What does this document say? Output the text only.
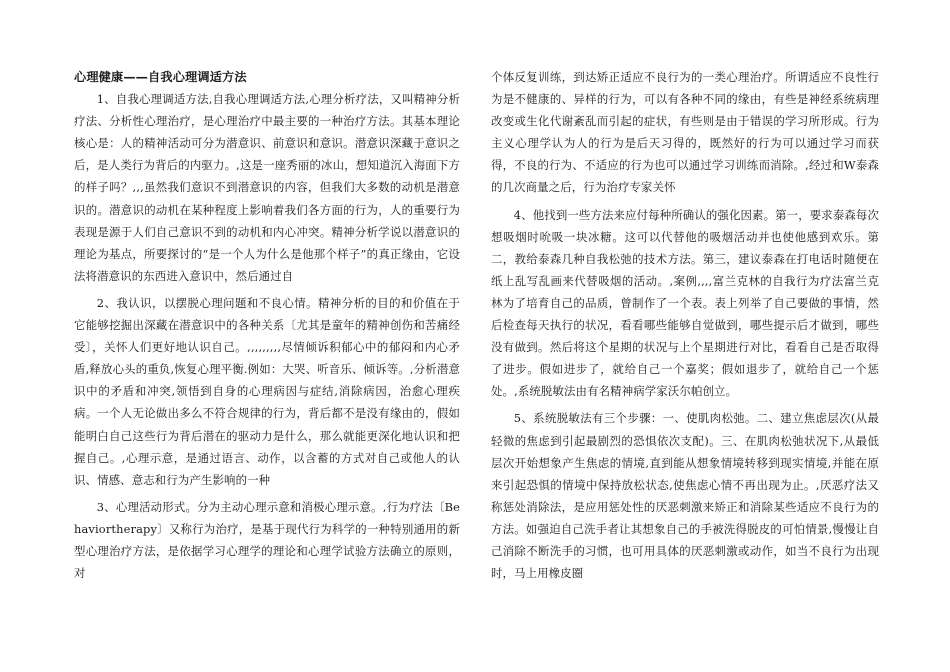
心理健康——自我心理调适方法

1、自我心理调适方法,自我心理调适方法,心理分析疗法，又叫精神分析疗法、分析性心理治疗，是心理治疗中最主要的一种治疗方法。其基本理论核心是：人的精神活动可分为潜意识、前意识和意识。潜意识深藏于意识之后，是人类行为背后的内驱力。,这是一座秀丽的冰山，想知道沉入海面下方的样子吗？,,,虽然我们意识不到潜意识的内容，但我们大多数的动机是潜意识的。潜意识的动机在某种程度上影响着我们各方面的行为，人的重要行为表现是源于人们自己意识不到的动机和内心冲突。精神分析学说以潜意识的理论为基点，所要探讨的“是一个人为什么是他那个样子”的真正缘由，它设法将潜意识的东西进入意识中，然后通过自

2、我认识，以摆脱心理问题和不良心情。精神分析的目的和价值在于它能够挖掘出深藏在潜意识中的各种关系〔尤其是童年的精神创伤和苦痛经受〕，关怀人们更好地认识自己。,,,,,,,,,尽情倾诉积郁心中的郁闷和内心矛盾,释放心头的重负,恢复心理平衡.例如：大哭、听音乐、倾诉等。,分析潜意识中的矛盾和冲突,领悟到自身的心理病因与症结,消除病因，治愈心理疾病。一个人无论做出多么不符合规律的行为，背后都不是没有缘由的，假如能明白自己这些行为背后潜在的驱动力是什么，那么就能更深化地认识和把握自己。,心理示意，是通过语言、动作，以含蓄的方式对自己或他人的认识、情感、意志和行为产生影响的一种

3、心理活动形式。分为主动心理示意和消极心理示意。,行为疗法〔Behaviortherapy〕又称行为治疗，是基于现代行为科学的一种特别通用的新型心理治疗方法，是依据学习心理学的理论和心理学试验方法确立的原则，对

个体反复训练，到达矫正适应不良行为的一类心理治疗。所谓适应不良性行为是不健康的、异样的行为，可以有各种不同的缘由，有些是神经系统病理改变或生化代谢紊乱而引起的症状，有些则是由于错误的学习所形成。行为主义心理学认为人的行为是后天习得的，既然好的行为可以通过学习而获得，不良的行为、不适应的行为也可以通过学习训练而消除。,经过和W泰森的几次商量之后，行为治疗专家关怀

4、他找到一些方法来应付每种所确认的强化因素。第一，要求泰森每次想吸烟时吮吸一块冰糖。这可以代替他的吸烟活动并也使他感到欢乐。第二，教给泰森几种自我松弛的技术方法。第三，建议泰森在打电话时随便在纸上乱写乱画来代替吸烟的活动。,案例,,,,富兰克林的自我行为疗法富兰克林为了培育自己的品质，曾制作了一个表。表上列举了自己要做的事情，然后检查每天执行的状况，看看哪些能够自觉做到，哪些提示后才做到，哪些没有做到。然后将这个星期的状况与上个星期进行对比，看看自己是否取得了进步。假如进步了，就给自己一个嘉奖；假如退步了，就给自己一个惩处。,系统脱敏法由有名精神病学家沃尔帕创立。

5、系统脱敏法有三个步骤：一、使肌肉松弛。二、建立焦虑层次(从最轻微的焦虑到引起最剧烈的恐惧依次支配)。三、在肌肉松弛状况下,从最低层次开始想象产生焦虑的情境,直到能从想象情境转移到现实情境,并能在原来引起恐惧的情境中保持放松状态,使焦虑心情不再出现为止。,厌恶疗法又称惩处消除法，是应用惩处性的厌恶刺激来矫正和消除某些适应不良行为的方法。如强迫自己洗手者让其想象自己的手被洗得脱皮的可怕情景,慢慢让自己消除不断洗手的习惯，也可用具体的厌恶刺激或动作，如当不良行为出现时，马上用橡皮圈
